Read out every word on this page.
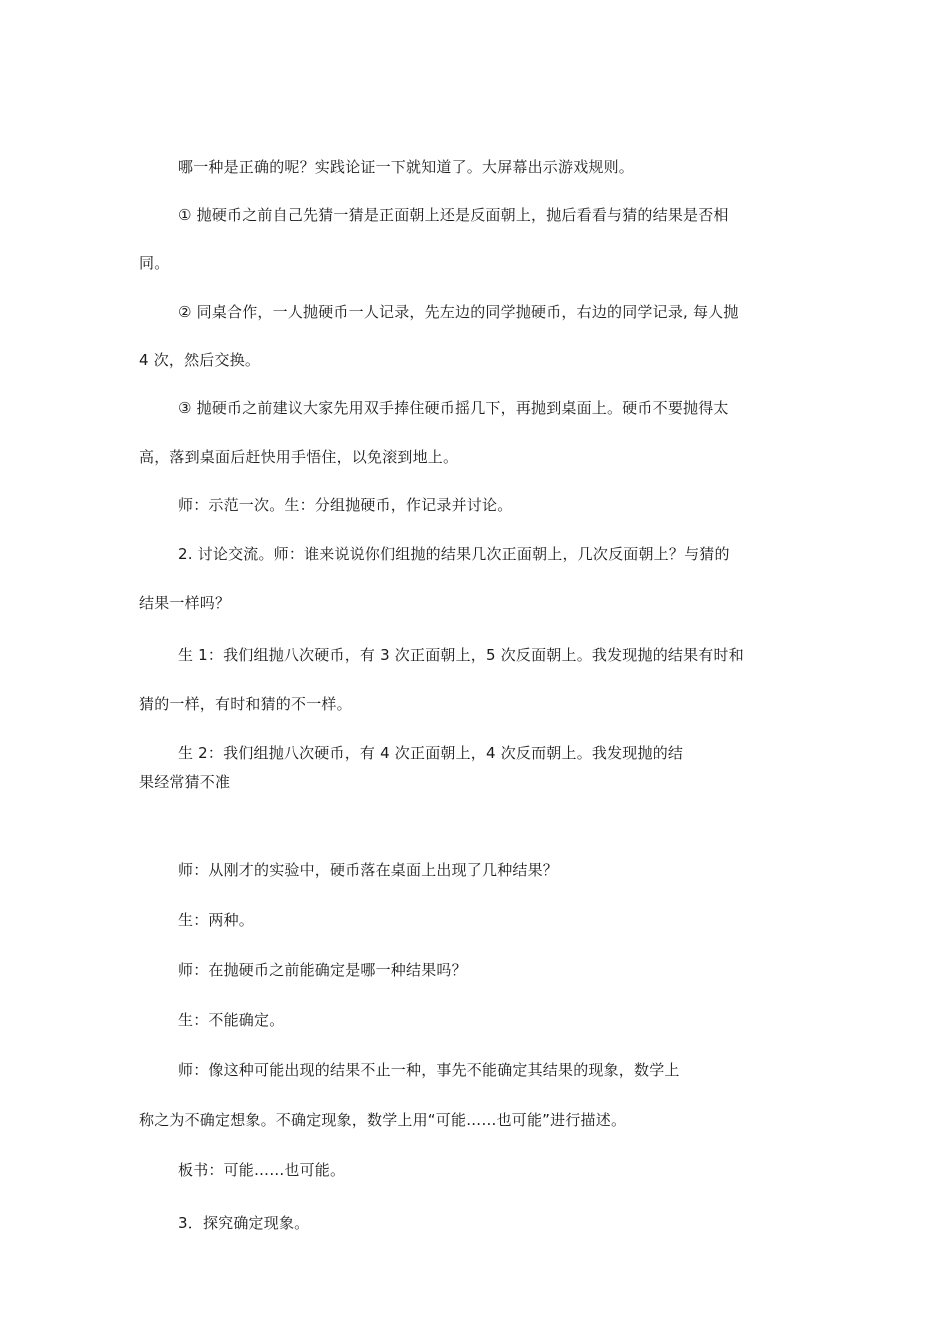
哪一种是正确的呢？实践论证一下就知道了。大屏幕出示游戏规则。

① 抛硬币之前自己先猜一猜是正面朝上还是反面朝上，抛后看看与猜的结果是否相

同。

② 同桌合作，一人抛硬币一人记录，先左边的同学抛硬币，右边的同学记录, 每人抛

4 次，然后交换。

③ 抛硬币之前建议大家先用双手捧住硬币摇几下，再抛到桌面上。硬币不要抛得太

高，落到桌面后赶快用手悟住，以免滚到地上。

师：示范一次。生：分组抛硬币，作记录并讨论。

2. 讨论交流。师：谁来说说你们组抛的结果几次正面朝上，几次反面朝上？与猜的

结果一样吗？

生 1：我们组抛八次硬币，有 3 次正面朝上，5 次反面朝上。我发现抛的结果有时和

猜的一样，有时和猜的不一样。

生 2：我们组抛八次硬币，有 4 次正面朝上，4 次反而朝上。我发现抛的结

果经常猜不准

师：从刚才的实验中，硬币落在桌面上出现了几种结果？

生：两种。

师：在抛硬币之前能确定是哪一种结果吗？

生：不能确定。

师：像这种可能出现的结果不止一种，事先不能确定其结果的现象，数学上

称之为不确定想象。不确定现象，数学上用“可能……也可能”进行描述。

板书：可能……也可能。

3．探究确定现象。
